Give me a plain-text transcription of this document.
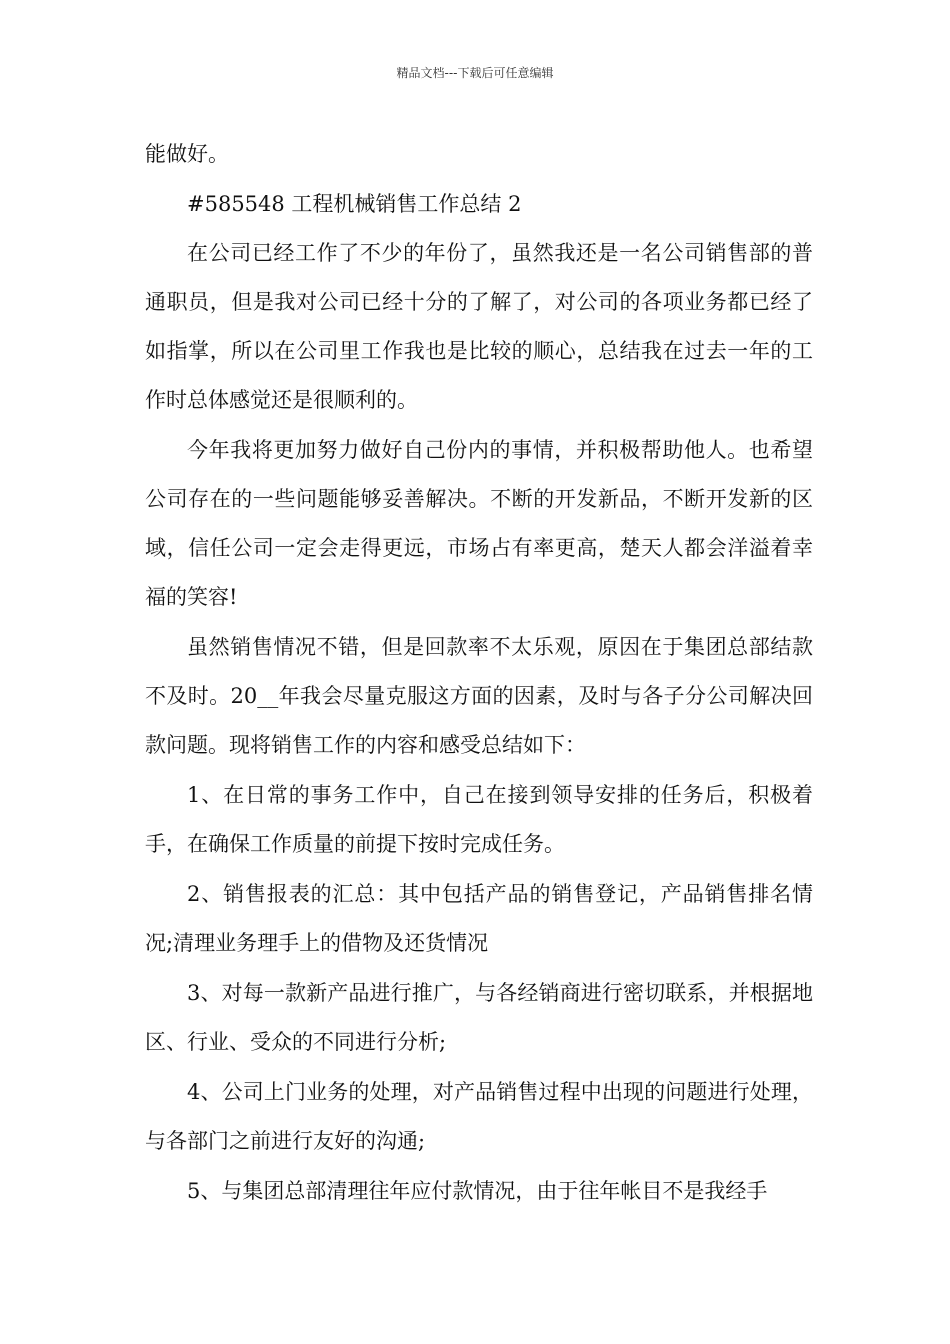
精品文档---下载后可任意编辑

能做好。

#585548 工程机械销售工作总结 2

在公司已经工作了不少的年份了，虽然我还是一名公司销售部的普通职员，但是我对公司已经十分的了解了，对公司的各项业务都已经了如指掌，所以在公司里工作我也是比较的顺心，总结我在过去一年的工作时总体感觉还是很顺利的。

今年我将更加努力做好自己份内的事情，并积极帮助他人。也希望公司存在的一些问题能够妥善解决。不断的开发新品，不断开发新的区域，信任公司一定会走得更远，市场占有率更高，楚天人都会洋溢着幸福的笑容!

虽然销售情况不错，但是回款率不太乐观，原因在于集团总部结款不及时。20__年我会尽量克服这方面的因素，及时与各子分公司解决回款问题。现将销售工作的内容和感受总结如下：

1、在日常的事务工作中，自己在接到领导安排的任务后，积极着手，在确保工作质量的前提下按时完成任务。

2、销售报表的汇总：其中包括产品的销售登记，产品销售排名情况;清理业务理手上的借物及还货情况

3、对每一款新产品进行推广，与各经销商进行密切联系，并根据地区、行业、受众的不同进行分析;

4、公司上门业务的处理，对产品销售过程中出现的问题进行处理，与各部门之前进行友好的沟通;

5、与集团总部清理往年应付款情况，由于往年帐目不是我经手
